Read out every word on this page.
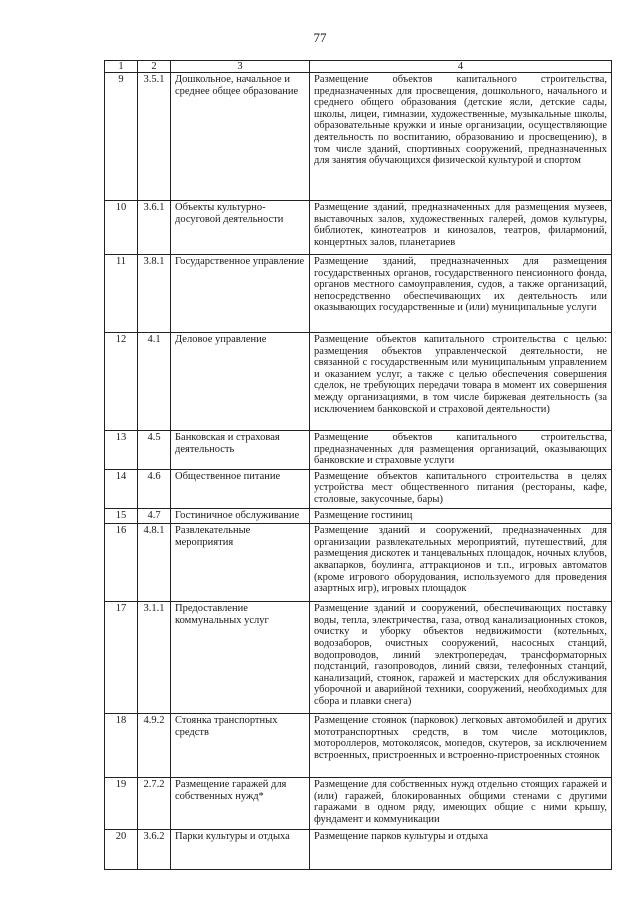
77
1	2	3	4
9	3.5.1	Дошкольное, начальное и среднее общее образование	Размещение объектов капитального строительства, предназначенных для просвещения, дошкольного, начального и среднего общего образования (детские ясли, детские сады, школы, лицеи, гимназии, художественные, музыкальные школы, образовательные кружки и иные организации, осуществляющие деятельность по воспитанию, образованию и просвещению), в том числе зданий, спортивных сооружений, предназначенных для занятия обучающихся физической культурой и спортом
10	3.6.1	Объекты культурно-досуговой деятельности	Размещение зданий, предназначенных для размещения музеев, выставочных залов, художественных галерей, домов культуры, библиотек, кинотеатров и кинозалов, театров, филармоний, концертных залов, планетариев
11	3.8.1	Государственное управление	Размещение зданий, предназначенных для размещения государственных органов, государственного пенсионного фонда, органов местного самоуправления, судов, а также организаций, непосредственно обеспечивающих их деятельность или оказывающих государственные и (или) муниципальные услуги
12	4.1	Деловое управление	Размещение объектов капитального строительства с целью: размещения объектов управленческой деятельности, не связанной с государственным или муниципальным управлением и оказанием услуг, а также с целью обеспечения совершения сделок, не требующих передачи товара в момент их совершения между организациями, в том числе биржевая деятельность (за исключением банковской и страховой деятельности)
13	4.5	Банковская и страховая деятельность	Размещение объектов капитального строительства, предназначенных для размещения организаций, оказывающих банковские и страховые услуги
14	4.6	Общественное питание	Размещение объектов капитального строительства в целях устройства мест общественного питания (рестораны, кафе, столовые, закусочные, бары)
15	4.7	Гостиничное обслуживание	Размещение гостиниц
16	4.8.1	Развлекательные мероприятия	Размещение зданий и сооружений, предназначенных для организации развлекательных мероприятий, путешествий, для размещения дискотек и танцевальных площадок, ночных клубов, аквапарков, боулинга, аттракционов и т.п., игровых автоматов (кроме игрового оборудования, используемого для проведения азартных игр), игровых площадок
17	3.1.1	Предоставление коммунальных услуг	Размещение зданий и сооружений, обеспечивающих поставку воды, тепла, электричества, газа, отвод канализационных стоков, очистку и уборку объектов недвижимости (котельных, водозаборов, очистных сооружений, насосных станций, водопроводов, линий электропередач, трансформаторных подстанций, газопроводов, линий связи, телефонных станций, канализаций, стоянок, гаражей и мастерских для обслуживания уборочной и аварийной техники, сооружений, необходимых для сбора и плавки снега)
18	4.9.2	Стоянка транспортных средств	Размещение стоянок (парковок) легковых автомобилей и других мототранспортных средств, в том числе мотоциклов, мотороллеров, мотоколясок, мопедов, скутеров, за исключением встроенных, пристроенных и встроенно-пристроенных стоянок
19	2.7.2	Размещение гаражей для собственных нужд*	Размещение для собственных нужд отдельно стоящих гаражей и (или) гаражей, блокированных общими стенами с другими гаражами в одном ряду, имеющих общие с ними крышу, фундамент и коммуникации
20	3.6.2	Парки культуры и отдыха	Размещение парков культуры и отдыха
